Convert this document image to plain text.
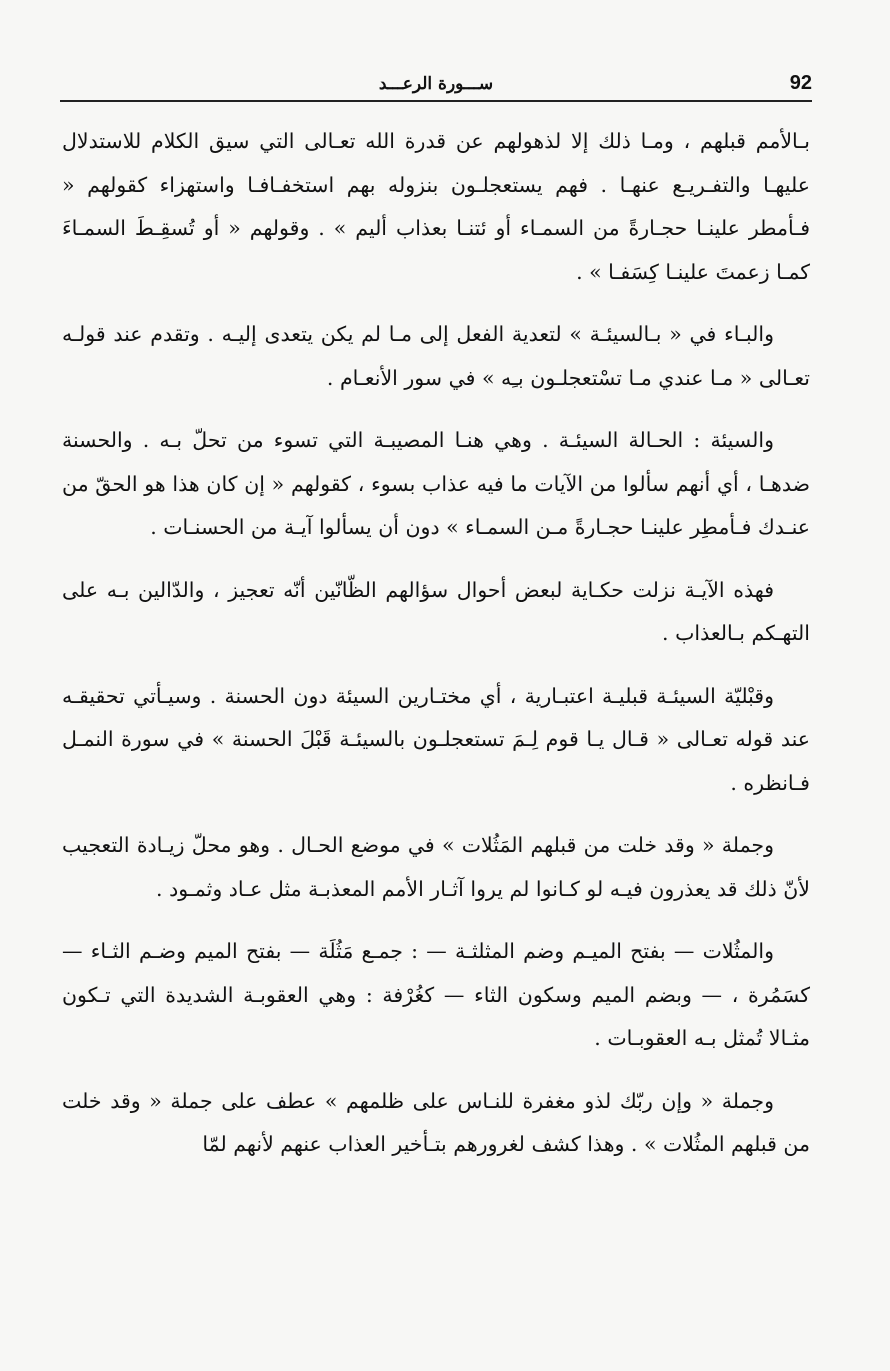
92
ســـورة الرعـــد

بـالأمم قبلهم ، ومـا ذلك إلا لذهولهم عن قدرة الله تعـالى التي سيق الكلام للاستدلال عليهـا والتفـريـع عنهـا . فهم يستعجلـون بنزوله بهم استخفـافـا واستهزاء كقولهم « فـأمطر علينـا حجـارةً من السمـاء أو ئتنـا بعذاب أليم » . وقولهم « أو تُسقِـطَ السمـاءَ كمـا زعمتَ علينـا كِسَفـا » .

والبـاء في « بـالسيئـة » لتعدية الفعل إلى مـا لم يكن يتعدى إليـه . وتقدم عند قولـه تعـالى « مـا عندي مـا تسْتعجلـون بـِه » في سور الأنعـام .

والسيئة : الحـالة السيئـة . وهي هنـا المصيبـة التي تسوء من تحلّ بـه . والحسنة ضدهـا ، أي أنهم سألوا من الآيات ما فيه عذاب بسوء ، كقولهم « إن كان هذا هو الحقّ من عنـدك فـأمطِر علينـا حجـارةً مـن السمـاء » دون أن يسألوا آيـة من الحسنـات .

فهذه الآيـة نزلت حكـاية لبعض أحوال سؤالهم الظّانّين أنّه تعجيز ، والدّالين بـه على التهـكم بـالعذاب .

وقبْليّة السيئـة قبليـة اعتبـارية ، أي مختـارين السيئة دون الحسنة . وسيـأتي تحقيقـه عند قوله تعـالى « قـال يـا قوم لِـمَ تستعجلـون بالسيئـة قَبْلَ الحسنة » في سورة النمـل فـانظره .

وجملة « وقد خلت من قبلهم المَثُلات » في موضع الحـال . وهو محلّ زيـادة التعجيب لأنّ ذلك قد يعذرون فيـه لو كـانوا لم يروا آثـار الأمم المعذبـة مثل عـاد وثمـود .

والمثُلات — بفتح الميـم وضم المثلثـة — : جمـع مَثُلَة — بفتح الميم وضـم الثـاء — كسَمُرة ، — وبضم الميم وسكون الثاء — كغُرْفة : وهي العقوبـة الشديدة التي تـكون مثـالا تُمثل بـه العقوبـات .

وجملة « وإن ربّك لذو مغفرة للنـاس على ظلمهم » عطف على جملة « وقد خلت من قبلهم المثُلات » . وهذا كشف لغرورهم بتـأخير العذاب عنهم لأنهم لمّا
